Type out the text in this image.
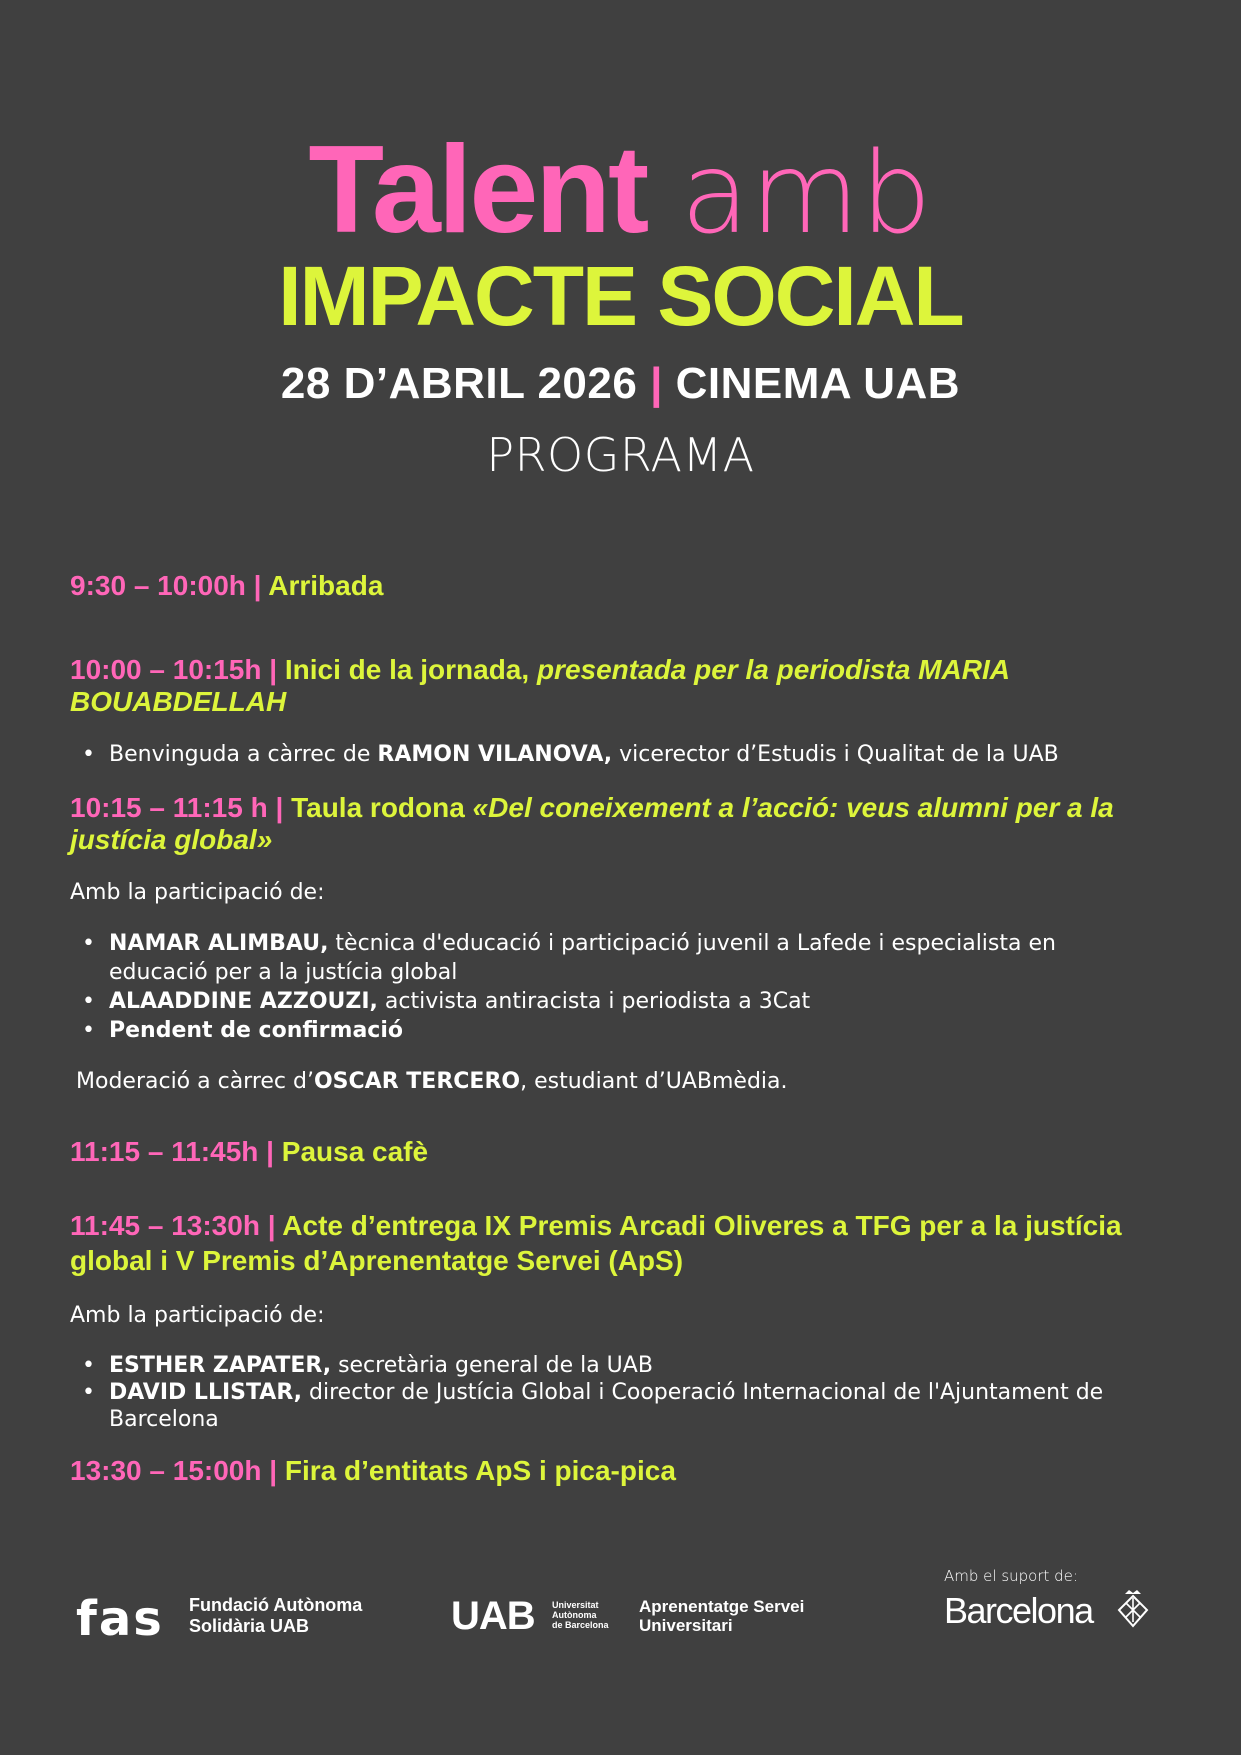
Talent amb
IMPACTE SOCIAL
28 D’ABRIL 2026 | CINEMA UAB
PROGRAMA

9:30 – 10:00h | Arribada

10:00 – 10:15h | Inici de la jornada, presentada per la periodista MARIA BOUABDELLAH

• Benvinguda a càrrec de RAMON VILANOVA, vicerector d’Estudis i Qualitat de la UAB

10:15 – 11:15 h | Taula rodona «Del coneixement a l’acció: veus alumni per a la justícia global»

Amb la participació de:

• NAMAR ALIMBAU, tècnica d'educació i participació juvenil a Lafede i especialista en educació per a la justícia global
• ALAADDINE AZZOUZI, activista antiracista i periodista a 3Cat
• Pendent de confirmació

Moderació a càrrec d’OSCAR TERCERO, estudiant d’UABmèdia.

11:15 – 11:45h | Pausa cafè

11:45 – 13:30h | Acte d’entrega IX Premis Arcadi Oliveres a TFG per a la justícia global i V Premis d’Aprenentatge Servei (ApS)

Amb la participació de:

• ESTHER ZAPATER, secretària general de la UAB
• DAVID LLISTAR, director de Justícia Global i Cooperació Internacional de l'Ajuntament de Barcelona

13:30 – 15:00h | Fira d’entitats ApS i pica-pica

fas Fundació Autònoma
Solidària UAB	UAB Universitat
Autònoma
de Barcelona
Aprenentatge Servei
Universitari
Amb el suport de:
Barcelona
